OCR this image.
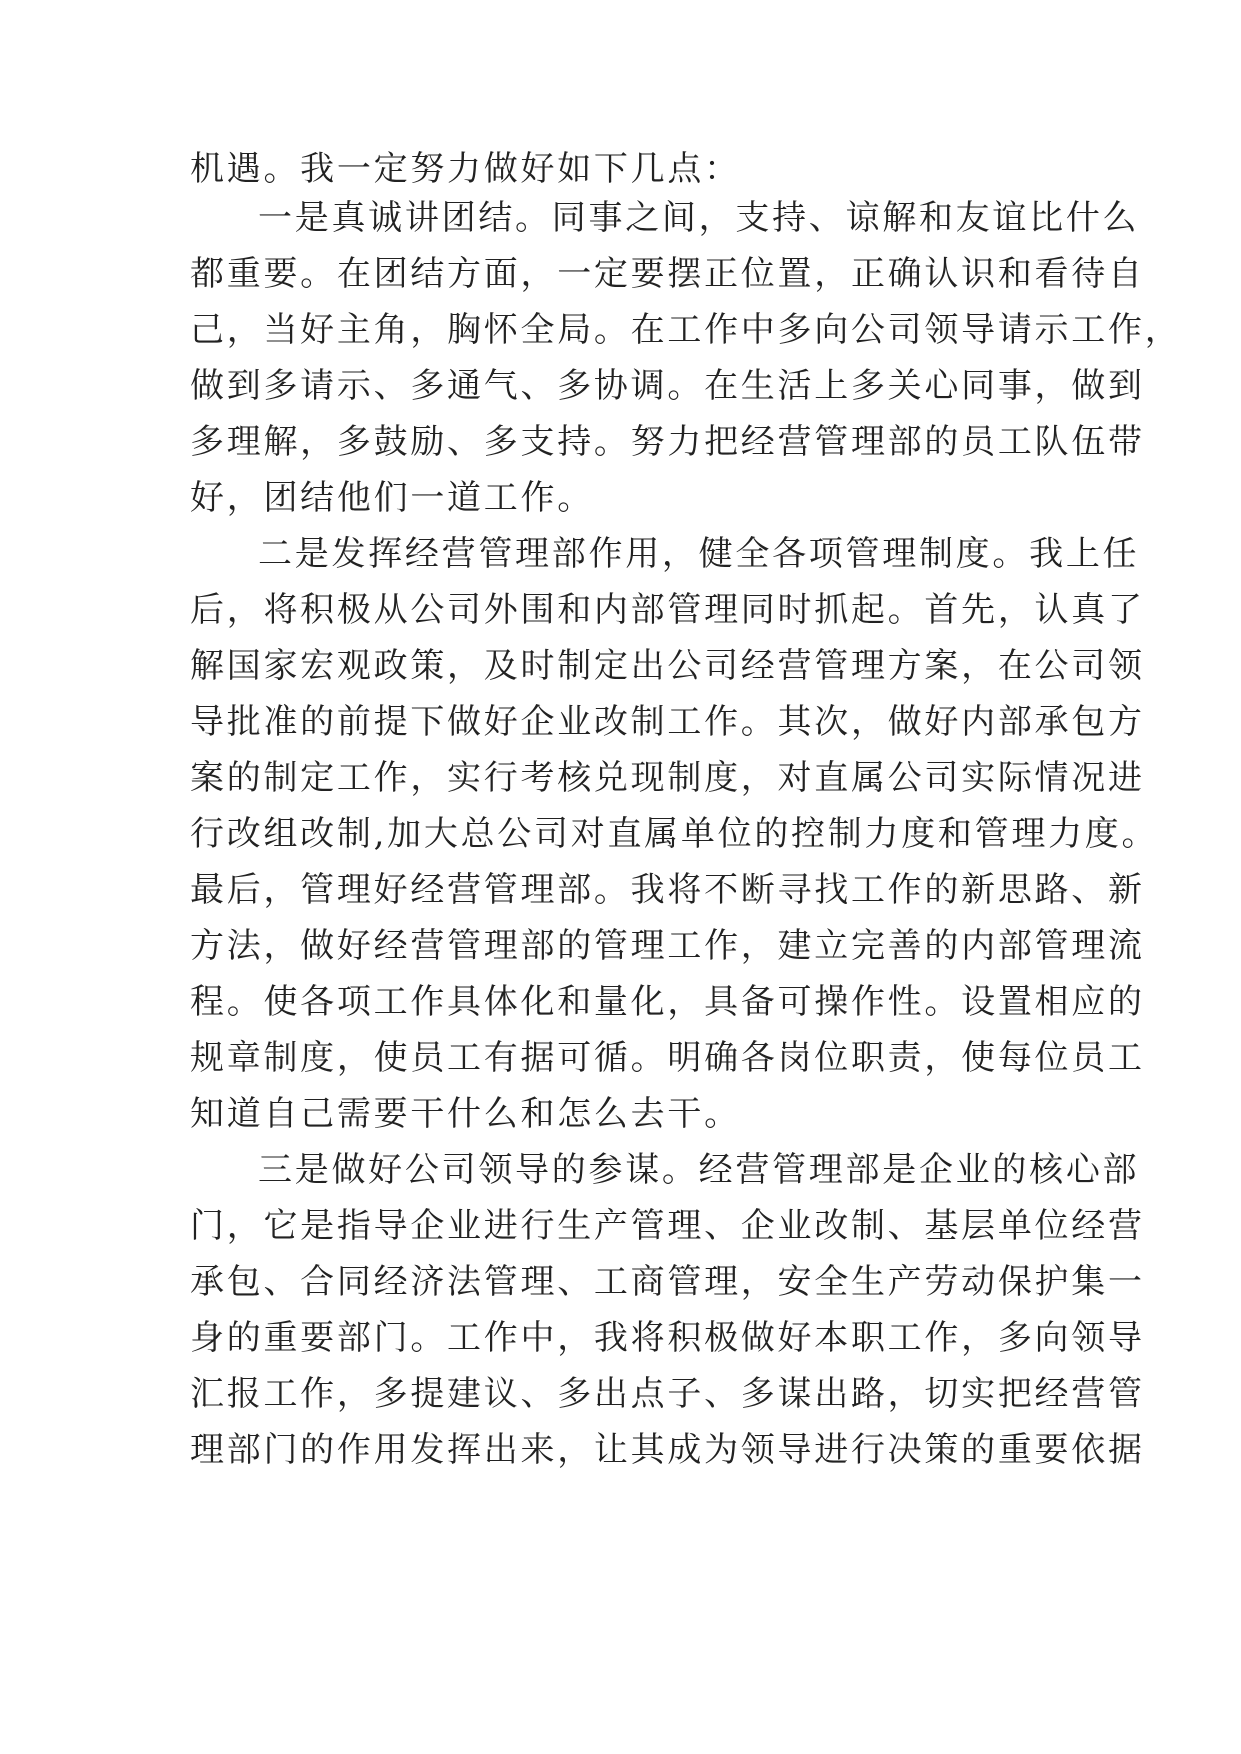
机遇。我一定努力做好如下几点：
一是真诚讲团结。同事之间，支持、谅解和友谊比什么
都重要。在团结方面，一定要摆正位置，正确认识和看待自
己，当好主角，胸怀全局。在工作中多向公司领导请示工作，
做到多请示、多通气、多协调。在生活上多关心同事，做到
多理解，多鼓励、多支持。努力把经营管理部的员工队伍带
好，团结他们一道工作。
二是发挥经营管理部作用，健全各项管理制度。我上任
后，将积极从公司外围和内部管理同时抓起。首先，认真了
解国家宏观政策，及时制定出公司经营管理方案，在公司领
导批准的前提下做好企业改制工作。其次，做好内部承包方
案的制定工作，实行考核兑现制度，对直属公司实际情况进
行改组改制,加大总公司对直属单位的控制力度和管理力度。
最后，管理好经营管理部。我将不断寻找工作的新思路、新
方法，做好经营管理部的管理工作，建立完善的内部管理流
程。使各项工作具体化和量化，具备可操作性。设置相应的
规章制度，使员工有据可循。明确各岗位职责，使每位员工
知道自己需要干什么和怎么去干。
三是做好公司领导的参谋。经营管理部是企业的核心部
门，它是指导企业进行生产管理、企业改制、基层单位经营
承包、合同经济法管理、工商管理，安全生产劳动保护集一
身的重要部门。工作中，我将积极做好本职工作，多向领导
汇报工作，多提建议、多出点子、多谋出路，切实把经营管
理部门的作用发挥出来，让其成为领导进行决策的重要依据
